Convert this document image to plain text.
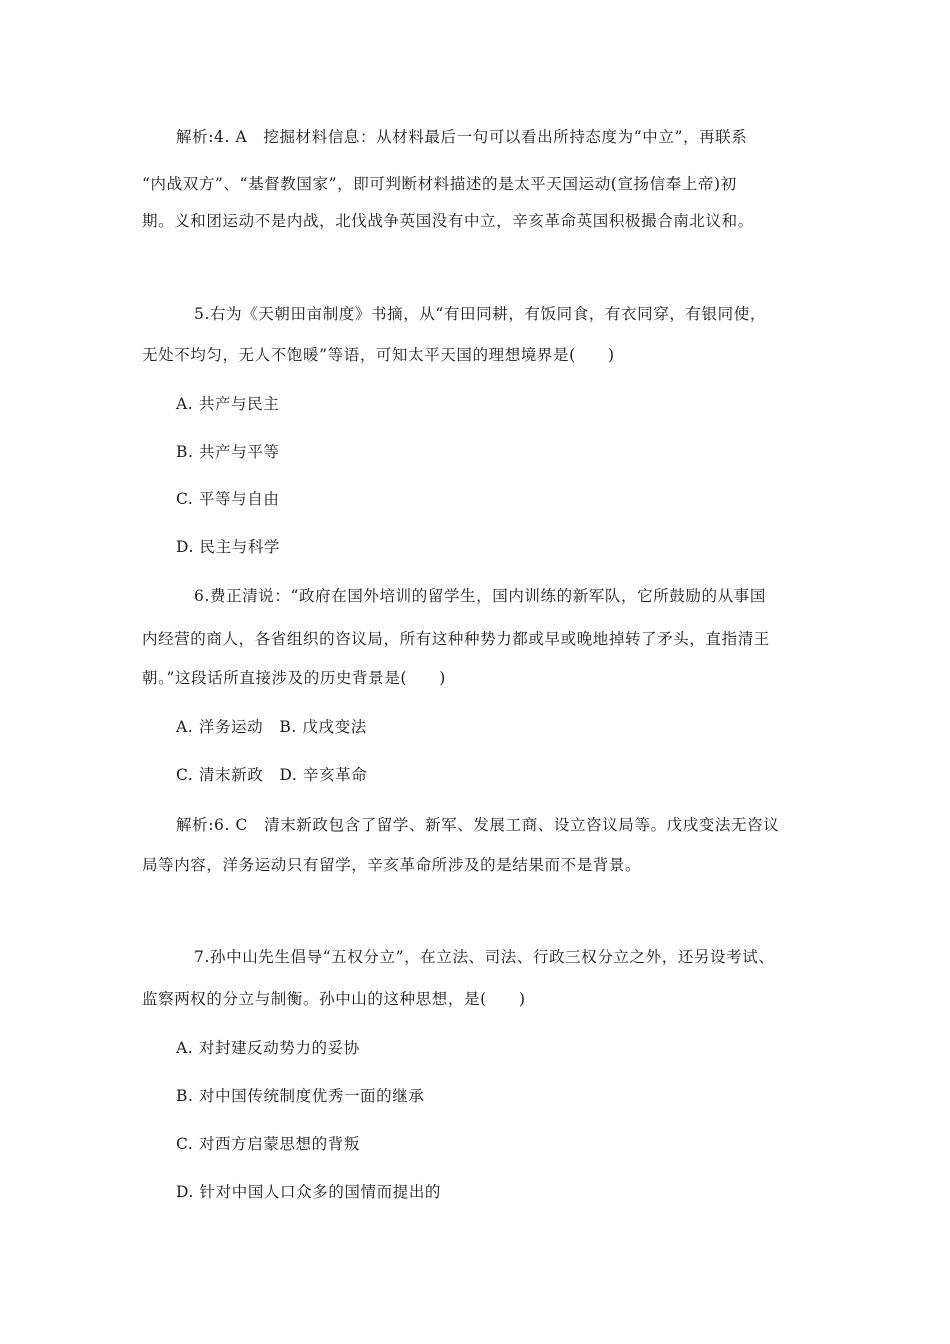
解析:4. A　挖掘材料信息：从材料最后一句可以看出所持态度为“中立”，再联系
“内战双方”、“基督教国家”，即可判断材料描述的是太平天国运动(宣扬信奉上帝)初
期。义和团运动不是内战，北伐战争英国没有中立，辛亥革命英国积极撮合南北议和。
5.右为《天朝田亩制度》书摘，从“有田同耕，有饭同食，有衣同穿，有银同使，
无处不均匀，无人不饱暖”等语，可知太平天国的理想境界是(　　)
A. 共产与民主
B. 共产与平等
C. 平等与自由
D. 民主与科学
6.费正清说：“政府在国外培训的留学生，国内训练的新军队，它所鼓励的从事国
内经营的商人，各省组织的咨议局，所有这种种势力都或早或晚地掉转了矛头，直指清王
朝。”这段话所直接涉及的历史背景是(　　)
A. 洋务运动　B. 戊戌变法
C. 清末新政　D. 辛亥革命
解析:6. C　清末新政包含了留学、新军、发展工商、设立咨议局等。戊戌变法无咨议
局等内容，洋务运动只有留学，辛亥革命所涉及的是结果而不是背景。
7.孙中山先生倡导“五权分立”，在立法、司法、行政三权分立之外，还另设考试、
监察两权的分立与制衡。孙中山的这种思想，是(　　)
A. 对封建反动势力的妥协
B. 对中国传统制度优秀一面的继承
C. 对西方启蒙思想的背叛
D. 针对中国人口众多的国情而提出的
